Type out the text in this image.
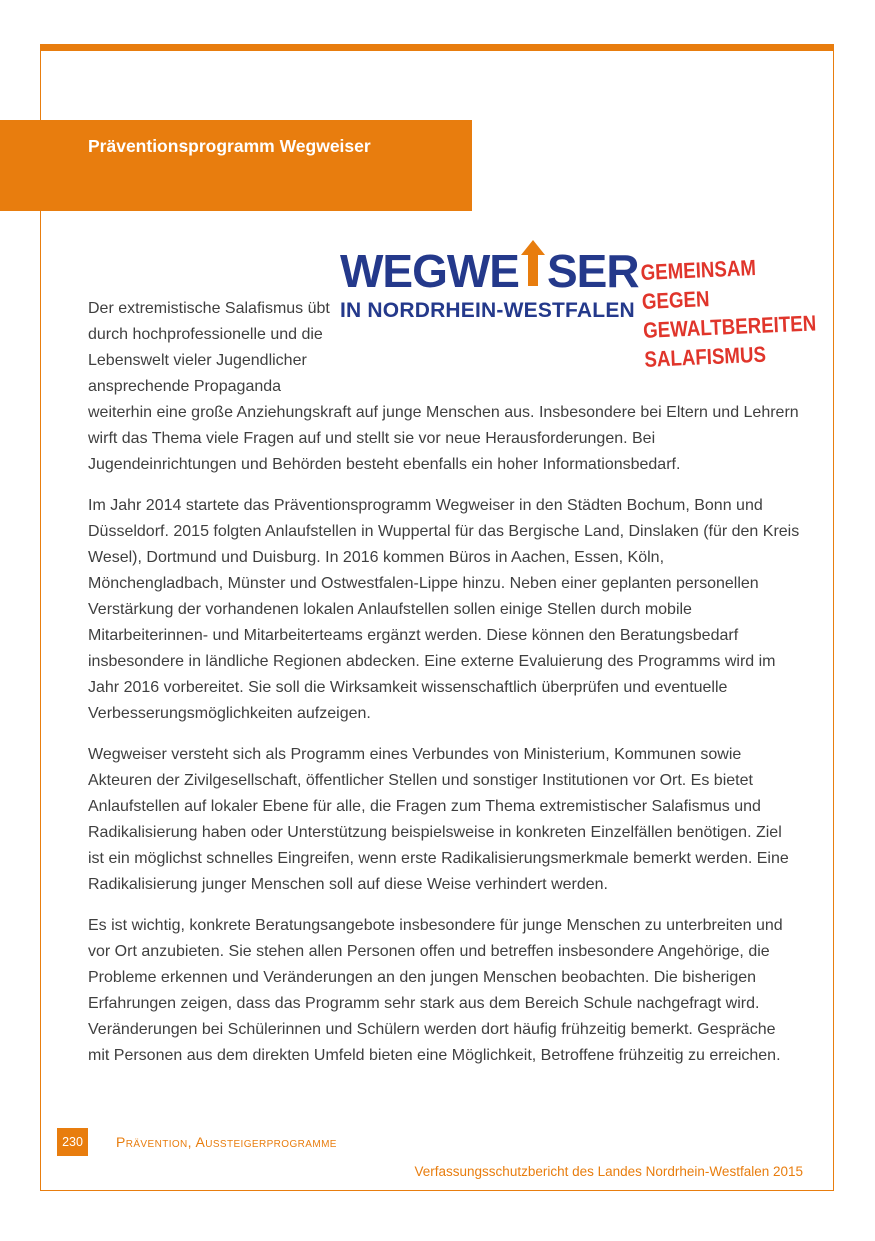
Präventionsprogramm Wegweiser
WEGWE SER
IN NORDRHEIN-WESTFALEN
GEMEINSAM
GEGEN
GEWALTBEREITEN
SALAFISMUS

Der extremistische Salafismus übt durch hochprofessionelle und die Lebenswelt vieler Jugendlicher ansprechende Propaganda weiterhin eine große Anziehungskraft auf junge Menschen aus. Insbesondere bei Eltern und Lehrern wirft das Thema viele Fragen auf und stellt sie vor neue Herausforderungen. Bei Jugendeinrichtungen und Behörden besteht ebenfalls ein hoher Informationsbedarf.

Im Jahr 2014 startete das Präventionsprogramm Wegweiser in den Städten Bochum, Bonn und Düsseldorf. 2015 folgten Anlaufstellen in Wuppertal für das Bergische Land, Dinslaken (für den Kreis Wesel), Dortmund und Duisburg. In 2016 kommen Büros in Aachen, Essen, Köln, Mönchengladbach, Münster und Ostwestfalen-Lippe hinzu. Neben einer geplanten personellen Verstärkung der vorhandenen lokalen Anlaufstellen sollen einige Stellen durch mobile Mitarbeiterinnen- und Mitarbeiterteams ergänzt werden. Diese können den Beratungsbedarf insbesondere in ländliche Regionen abdecken. Eine externe Evaluierung des Programms wird im Jahr 2016 vorbereitet. Sie soll die Wirksamkeit wissenschaftlich überprüfen und eventuelle Verbesserungsmöglichkeiten aufzeigen.

Wegweiser versteht sich als Programm eines Verbundes von Ministerium, Kommunen sowie Akteuren der Zivilgesellschaft, öffentlicher Stellen und sonstiger Institutionen vor Ort. Es bietet Anlaufstellen auf lokaler Ebene für alle, die Fragen zum Thema extremistischer Salafismus und Radikalisierung haben oder Unterstützung beispielsweise in konkreten Einzelfällen benötigen. Ziel ist ein möglichst schnelles Eingreifen, wenn erste Radikalisierungsmerkmale bemerkt werden. Eine Radikalisierung junger Menschen soll auf diese Weise verhindert werden.

Es ist wichtig, konkrete Beratungsangebote insbesondere für junge Menschen zu unterbreiten und vor Ort anzubieten. Sie stehen allen Personen offen und betreffen insbesondere Angehörige, die Probleme erkennen und Veränderungen an den jungen Menschen beobachten. Die bisherigen Erfahrungen zeigen, dass das Programm sehr stark aus dem Bereich Schule nachgefragt wird. Veränderungen bei Schülerinnen und Schülern werden dort häufig frühzeitig bemerkt. Gespräche mit Personen aus dem direkten Umfeld bieten eine Möglichkeit, Betroffene frühzeitig zu erreichen.

230 Prävention, Aussteigerprogramme
Verfassungsschutzbericht des Landes Nordrhein-Westfalen 2015
